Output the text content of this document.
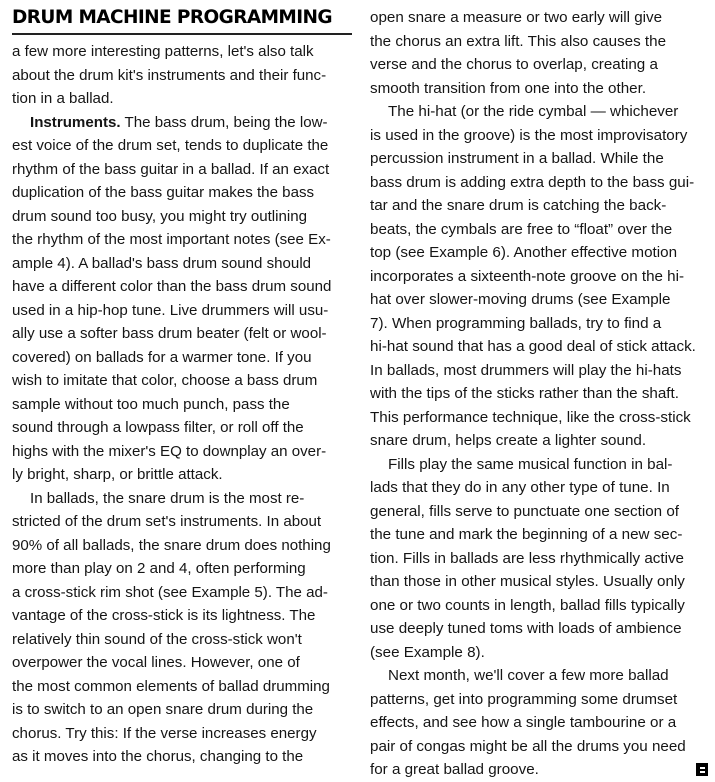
DRUM MACHINE PROGRAMMING
a few more interesting patterns, let's also talk
about the drum kit's instruments and their func-
tion in a ballad.
Instruments. The bass drum, being the low-
est voice of the drum set, tends to duplicate the
rhythm of the bass guitar in a ballad. If an exact
duplication of the bass guitar makes the bass
drum sound too busy, you might try outlining
the rhythm of the most important notes (see Ex-
ample 4). A ballad's bass drum sound should
have a different color than the bass drum sound
used in a hip-hop tune. Live drummers will usu-
ally use a softer bass drum beater (felt or wool-
covered) on ballads for a warmer tone. If you
wish to imitate that color, choose a bass drum
sample without too much punch, pass the
sound through a lowpass filter, or roll off the
highs with the mixer's EQ to downplay an over-
ly bright, sharp, or brittle attack.
In ballads, the snare drum is the most re-
stricted of the drum set's instruments. In about
90% of all ballads, the snare drum does nothing
more than play on 2 and 4, often performing
a cross-stick rim shot (see Example 5). The ad-
vantage of the cross-stick is its lightness. The
relatively thin sound of the cross-stick won't
overpower the vocal lines. However, one of
the most common elements of ballad drumming
is to switch to an open snare drum during the
chorus. Try this: If the verse increases energy
as it moves into the chorus, changing to the
open snare a measure or two early will give
the chorus an extra lift. This also causes the
verse and the chorus to overlap, creating a
smooth transition from one into the other.
The hi-hat (or the ride cymbal — whichever
is used in the groove) is the most improvisatory
percussion instrument in a ballad. While the
bass drum is adding extra depth to the bass gui-
tar and the snare drum is catching the back-
beats, the cymbals are free to “float” over the
top (see Example 6). Another effective motion
incorporates a sixteenth-note groove on the hi-
hat over slower-moving drums (see Example
7). When programming ballads, try to find a
hi-hat sound that has a good deal of stick attack.
In ballads, most drummers will play the hi-hats
with the tips of the sticks rather than the shaft.
This performance technique, like the cross-stick
snare drum, helps create a lighter sound.
Fills play the same musical function in bal-
lads that they do in any other type of tune. In
general, fills serve to punctuate one section of
the tune and mark the beginning of a new sec-
tion. Fills in ballads are less rhythmically active
than those in other musical styles. Usually only
one or two counts in length, ballad fills typically
use deeply tuned toms with loads of ambience
(see Example 8).
Next month, we'll cover a few more ballad
patterns, get into programming some drumset
effects, and see how a single tambourine or a
pair of congas might be all the drums you need
for a great ballad groove.
